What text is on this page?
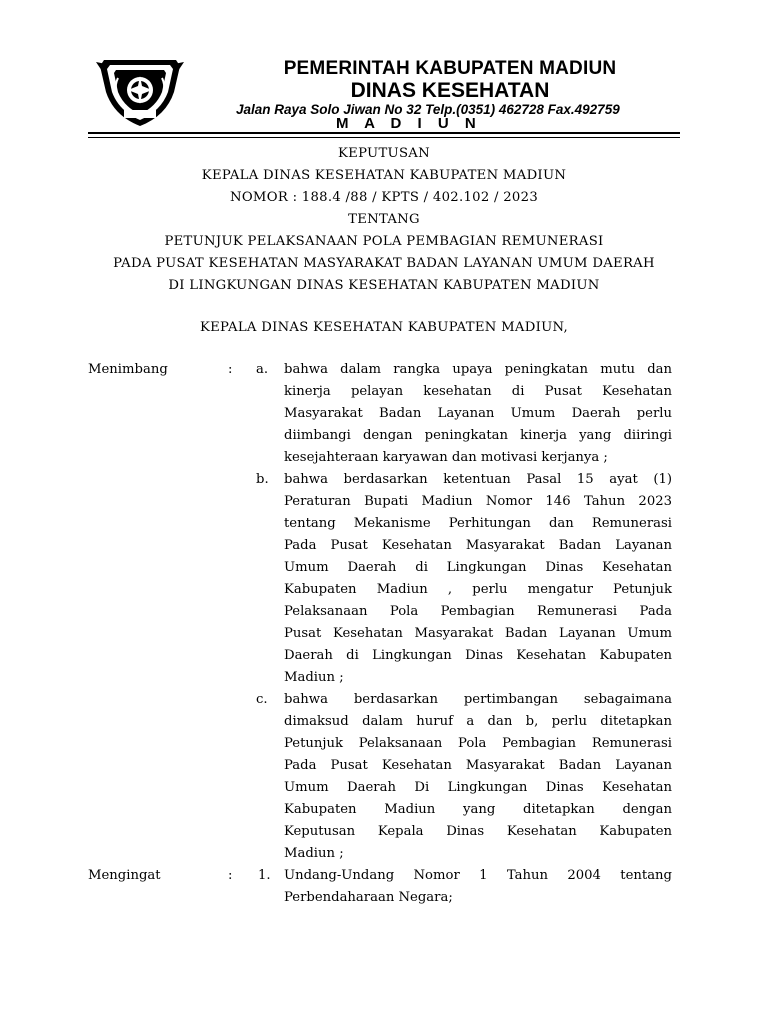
PEMERINTAH KABUPATEN MADIUN
DINAS KESEHATAN
Jalan Raya Solo Jiwan No 32 Telp.(0351) 462728 Fax.492759
M A D I U N
KEPUTUSAN
KEPALA DINAS KESEHATAN KABUPATEN MADIUN
NOMOR : 188.4 /88 / KPTS / 402.102 / 2023
TENTANG
PETUNJUK PELAKSANAAN POLA PEMBAGIAN REMUNERASI
PADA PUSAT KESEHATAN MASYARAKAT BADAN LAYANAN UMUM DAERAH
DI LINGKUNGAN DINAS KESEHATAN KABUPATEN MADIUN
KEPALA DINAS KESEHATAN KABUPATEN MADIUN,
Menimbang	: a. bahwa dalam rangka upaya peningkatan mutu dan
kinerja pelayan kesehatan di Pusat Kesehatan
Masyarakat Badan Layanan Umum Daerah perlu
diimbangi dengan peningkatan kinerja yang diiringi
kesejahteraan karyawan dan motivasi kerjanya ;
b. bahwa berdasarkan ketentuan Pasal 15 ayat (1)
Peraturan Bupati Madiun Nomor 146 Tahun 2023
tentang Mekanisme Perhitungan dan Remunerasi
Pada Pusat Kesehatan Masyarakat Badan Layanan
Umum Daerah di Lingkungan Dinas Kesehatan
Kabupaten Madiun , perlu mengatur Petunjuk
Pelaksanaan Pola Pembagian Remunerasi Pada
Pusat Kesehatan Masyarakat Badan Layanan Umum
Daerah di Lingkungan Dinas Kesehatan Kabupaten
Madiun ;
c. bahwa berdasarkan pertimbangan sebagaimana
dimaksud dalam huruf a dan b, perlu ditetapkan
Petunjuk Pelaksanaan Pola Pembagian Remunerasi
Pada Pusat Kesehatan Masyarakat Badan Layanan
Umum Daerah Di Lingkungan Dinas Kesehatan
Kabupaten Madiun yang ditetapkan dengan
Keputusan Kepala Dinas Kesehatan Kabupaten
Madiun ;
Mengingat	: 1. Undang-Undang Nomor 1 Tahun 2004 tentang
Perbendaharaan Negara;
